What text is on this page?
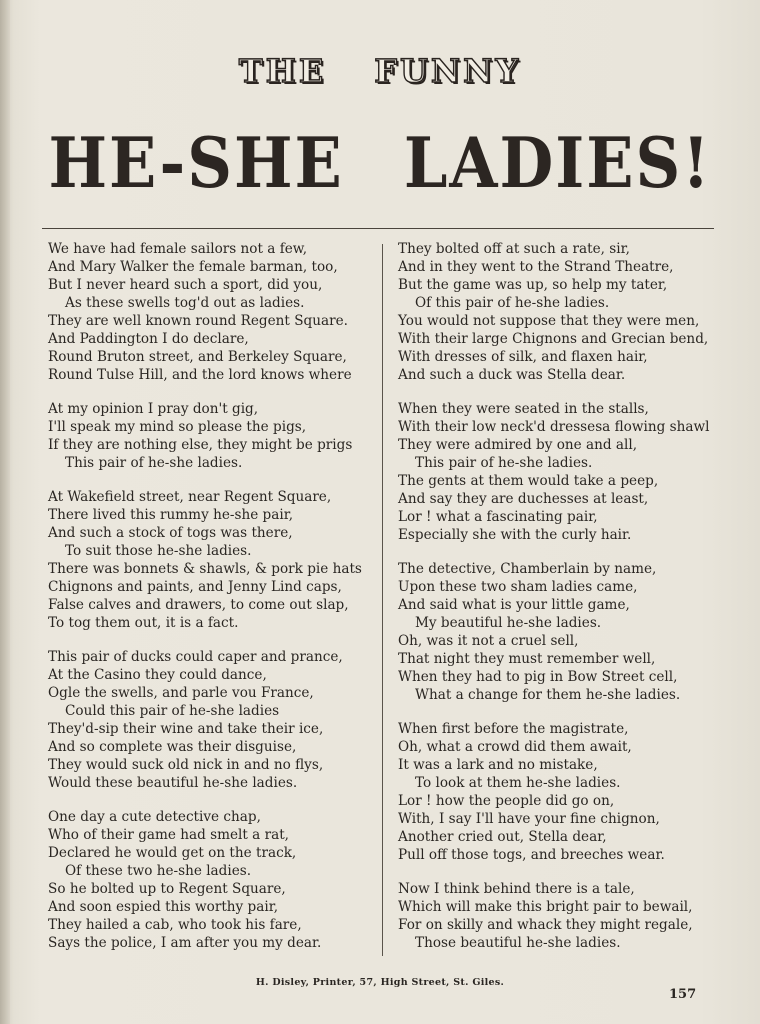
THE FUNNY
HE-SHE LADIES!
We have had female sailors not a few,
And Mary Walker the female barman, too,
But I never heard such a sport, did you,
As these swells tog'd out as ladies.
They are well known round Regent Square.
And Paddington I do declare,
Round Bruton street, and Berkeley Square,
Round Tulse Hill, and the lord knows where
At my opinion I pray don't gig,
I'll speak my mind so please the pigs,
If they are nothing else, they might be prigs
This pair of he-she ladies.
At Wakefield street, near Regent Square,
There lived this rummy he-she pair,
And such a stock of togs was there,
To suit those he-she ladies.
There was bonnets & shawls, & pork pie hats
Chignons and paints, and Jenny Lind caps,
False calves and drawers, to come out slap,
To tog them out, it is a fact.
This pair of ducks could caper and prance,
At the Casino they could dance,
Ogle the swells, and parle vou France,
Could this pair of he-she ladies
They'd-sip their wine and take their ice,
And so complete was their disguise,
They would suck old nick in and no flys,
Would these beautiful he-she ladies.
One day a cute detective chap,
Who of their game had smelt a rat,
Declared he would get on the track,
Of these two he-she ladies.
So he bolted up to Regent Square,
And soon espied this worthy pair,
They hailed a cab, who took his fare,
Says the police, I am after you my dear.
They bolted off at such a rate, sir,
And in they went to the Strand Theatre,
But the game was up, so help my tater,
Of this pair of he-she ladies.
You would not suppose that they were men,
With their large Chignons and Grecian bend,
With dresses of silk, and flaxen hair,
And such a duck was Stella dear.
When they were seated in the stalls,
With their low neck'd dressesa flowing shawl
They were admired by one and all,
This pair of he-she ladies.
The gents at them would take a peep,
And say they are duchesses at least,
Lor ! what a fascinating pair,
Especially she with the curly hair.
The detective, Chamberlain by name,
Upon these two sham ladies came,
And said what is your little game,
My beautiful he-she ladies.
Oh, was it not a cruel sell,
That night they must remember well,
When they had to pig in Bow Street cell,
What a change for them he-she ladies.
When first before the magistrate,
Oh, what a crowd did them await,
It was a lark and no mistake,
To look at them he-she ladies.
Lor ! how the people did go on,
With, I say I'll have your fine chignon,
Another cried out, Stella dear,
Pull off those togs, and breeches wear.
Now I think behind there is a tale,
Which will make this bright pair to bewail,
For on skilly and whack they might regale,
Those beautiful he-she ladies.
H. Disley, Printer, 57, High Street, St. Giles.
157
